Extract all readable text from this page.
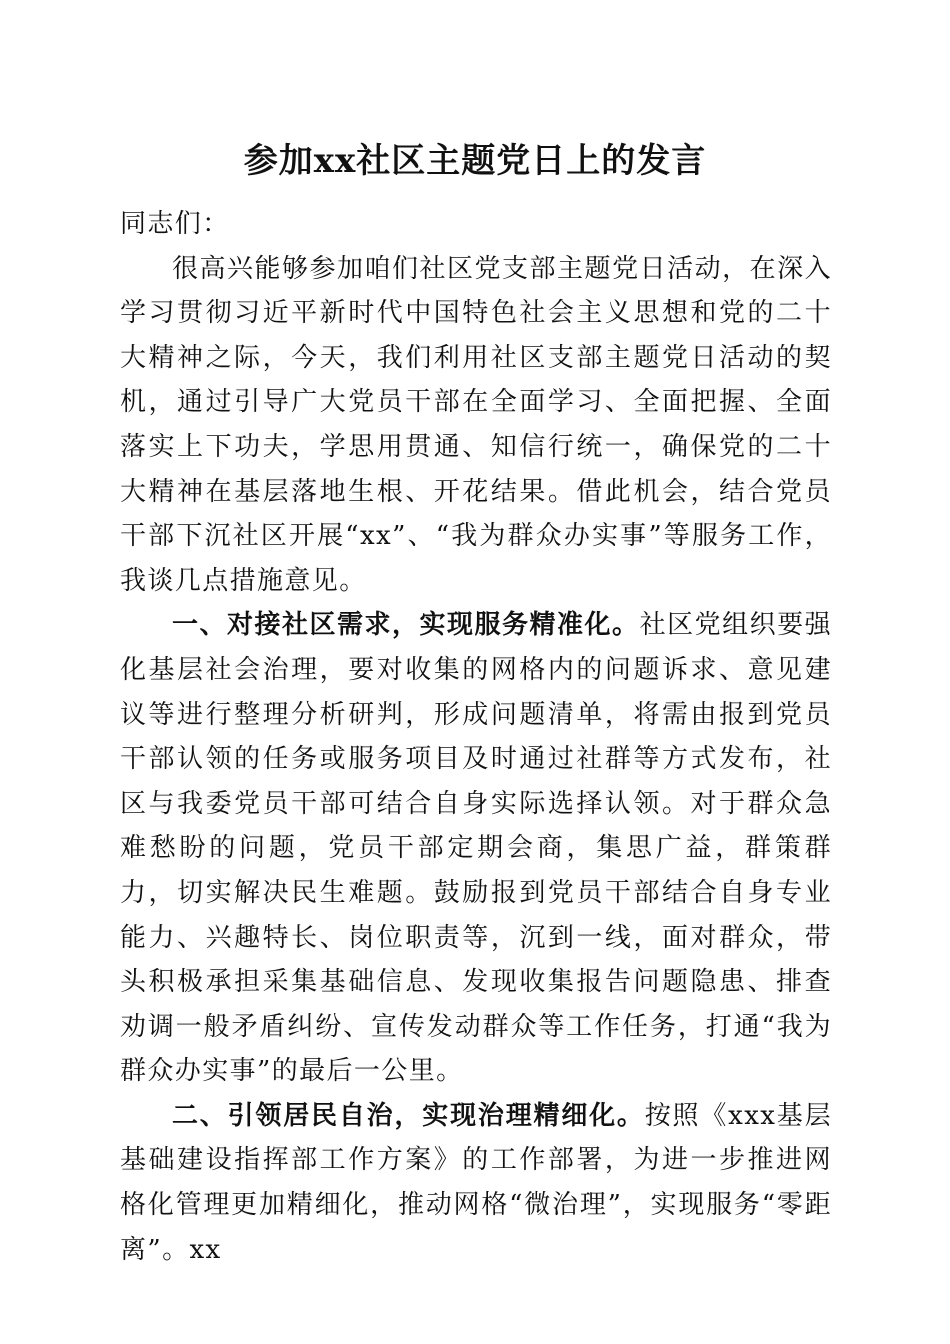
参加xx社区主题党日上的发言

同志们：

很高兴能够参加咱们社区党支部主题党日活动，在深入学习贯彻习近平新时代中国特色社会主义思想和党的二十大精神之际，今天，我们利用社区支部主题党日活动的契机，通过引导广大党员干部在全面学习、全面把握、全面落实上下功夫，学思用贯通、知信行统一，确保党的二十大精神在基层落地生根、开花结果。借此机会，结合党员干部下沉社区开展“xx”、“我为群众办实事”等服务工作，我谈几点措施意见。

一、对接社区需求，实现服务精准化。社区党组织要强化基层社会治理，要对收集的网格内的问题诉求、意见建议等进行整理分析研判，形成问题清单，将需由报到党员干部认领的任务或服务项目及时通过社群等方式发布，社区与我委党员干部可结合自身实际选择认领。对于群众急难愁盼的问题，党员干部定期会商，集思广益，群策群力，切实解决民生难题。鼓励报到党员干部结合自身专业能力、兴趣特长、岗位职责等，沉到一线，面对群众，带头积极承担采集基础信息、发现收集报告问题隐患、排查劝调一般矛盾纠纷、宣传发动群众等工作任务，打通“我为群众办实事”的最后一公里。

二、引领居民自治，实现治理精细化。按照《xxx基层基础建设指挥部工作方案》的工作部署，为进一步推进网格化管理更加精细化，推动网格“微治理”，实现服务“零距离”。xx
